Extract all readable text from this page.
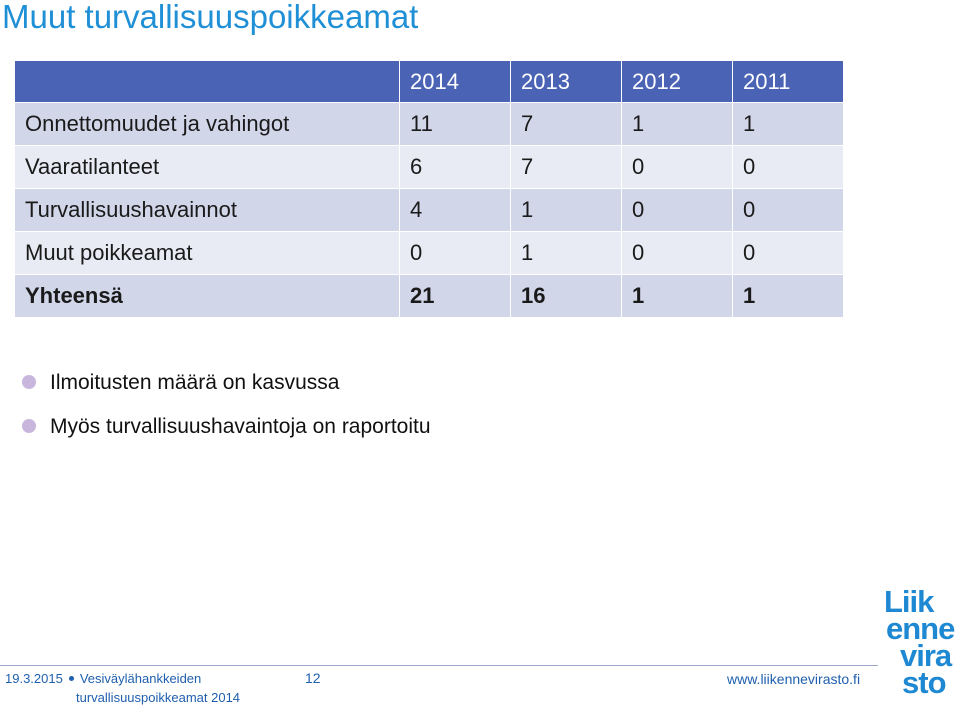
Muut turvallisuuspoikkeamat
	2014	2013	2012	2011
Onnettomuudet ja vahingot	11	7	1	1
Vaaratilanteet	6	7	0	0
Turvallisuushavainnot	4	1	0	0
Muut poikkeamat	0	1	0	0
Yhteensä	21	16	1	1
Ilmoitusten määrä on kasvussa
Myös turvallisuushavaintoja on raportoitu
19.3.2015 Vesiväylähankkeiden
turvallisuuspoikkeamat 2014
12	www.liikennevirasto.fi
Liik
enne
vira
sto
